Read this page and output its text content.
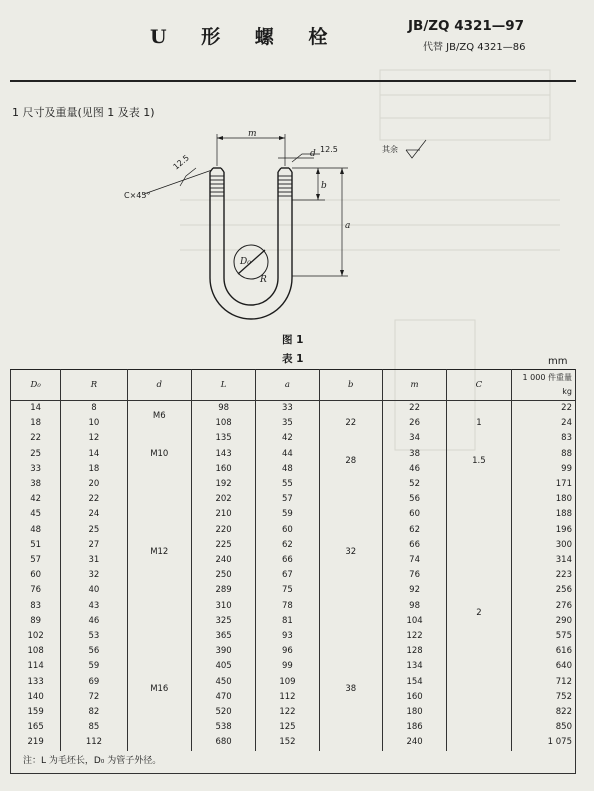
U 形 螺 栓	JB/ZQ 4321—97
代替 JB/ZQ 4321—86
1 尺寸及重量(见图 1 及表 1)
m
d
b
a
D₀
R
C×45°
12.5
12.5	其余
图 1
表 1	mm
D₀	R	d	L	a	b	m	C	1 000 件重量 kg
14	8	M6	98	33	22	22	1	22
18	10		108	35		26		24
22	12	M10	135	42		34		83
25	14		143	44	28	38	1.5	88
33	18		160	48		46		99
38	20	M12	192	55	32	52	2	171
42	22		202	57		56		180
45	24		210	59		60		188
48	25		220	60		62		196
51	27		225	62		66		300
57	31		240	66		74		314
60	32		250	67		76		223
76	40		289	75		92		256
83	43		310	78		98		276
89	46		325	81		104		290
102	53	M16	365	93	38	122		575
108	56		390	96		128		616
114	59		405	99		134		640
133	69		450	109		154		712
140	72		470	112		160		752
159	82		520	122		180		822
165	85		538	125		186		850
219	112		680	152		240		1 075
注：L 为毛坯长，D₀ 为管子外径。								
